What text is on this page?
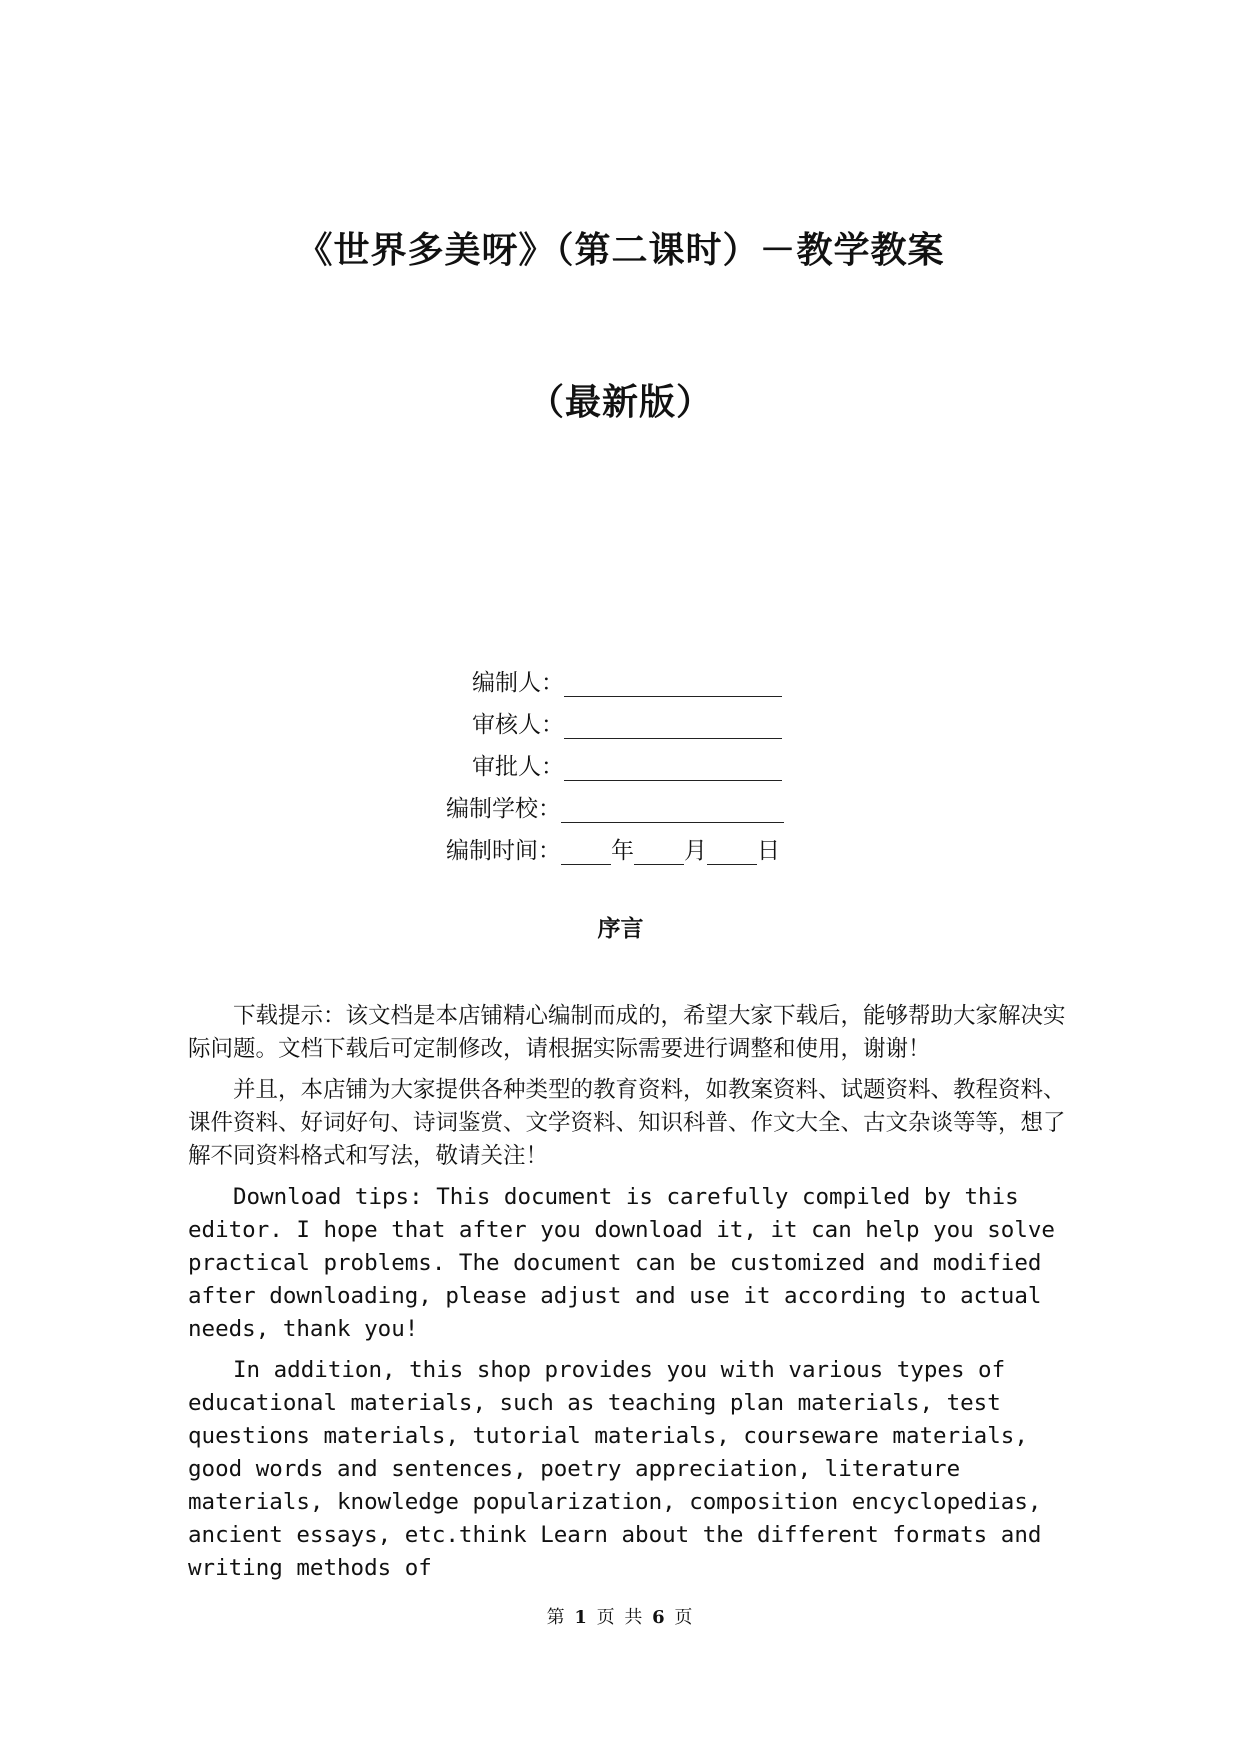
《世界多美呀》（第二课时）－教学教案
（最新版）
编制人：
审核人：
审批人：
编制学校：
编制时间： 年 月 日
序言

下载提示：该文档是本店铺精心编制而成的，希望大家下载后，能够帮助大家解决实际问题。文档下载后可定制修改，请根据实际需要进行调整和使用，谢谢！

并且，本店铺为大家提供各种类型的教育资料，如教案资料、试题资料、教程资料、课件资料、好词好句、诗词鉴赏、文学资料、知识科普、作文大全、古文杂谈等等，想了解不同资料格式和写法，敬请关注！

Download tips: This document is carefully compiled by this editor. I hope that after you download it, it can help you solve practical problems. The document can be customized and modified after downloading, please adjust and use it according to actual needs, thank you!

In addition, this shop provides you with various types of educational materials, such as teaching plan materials, test questions materials, tutorial materials, courseware materials, good words and sentences, poetry appreciation, literature materials, knowledge popularization, composition encyclopedias, ancient essays, etc.think Learn about the different formats and writing methods of

第 1 页 共 6 页
